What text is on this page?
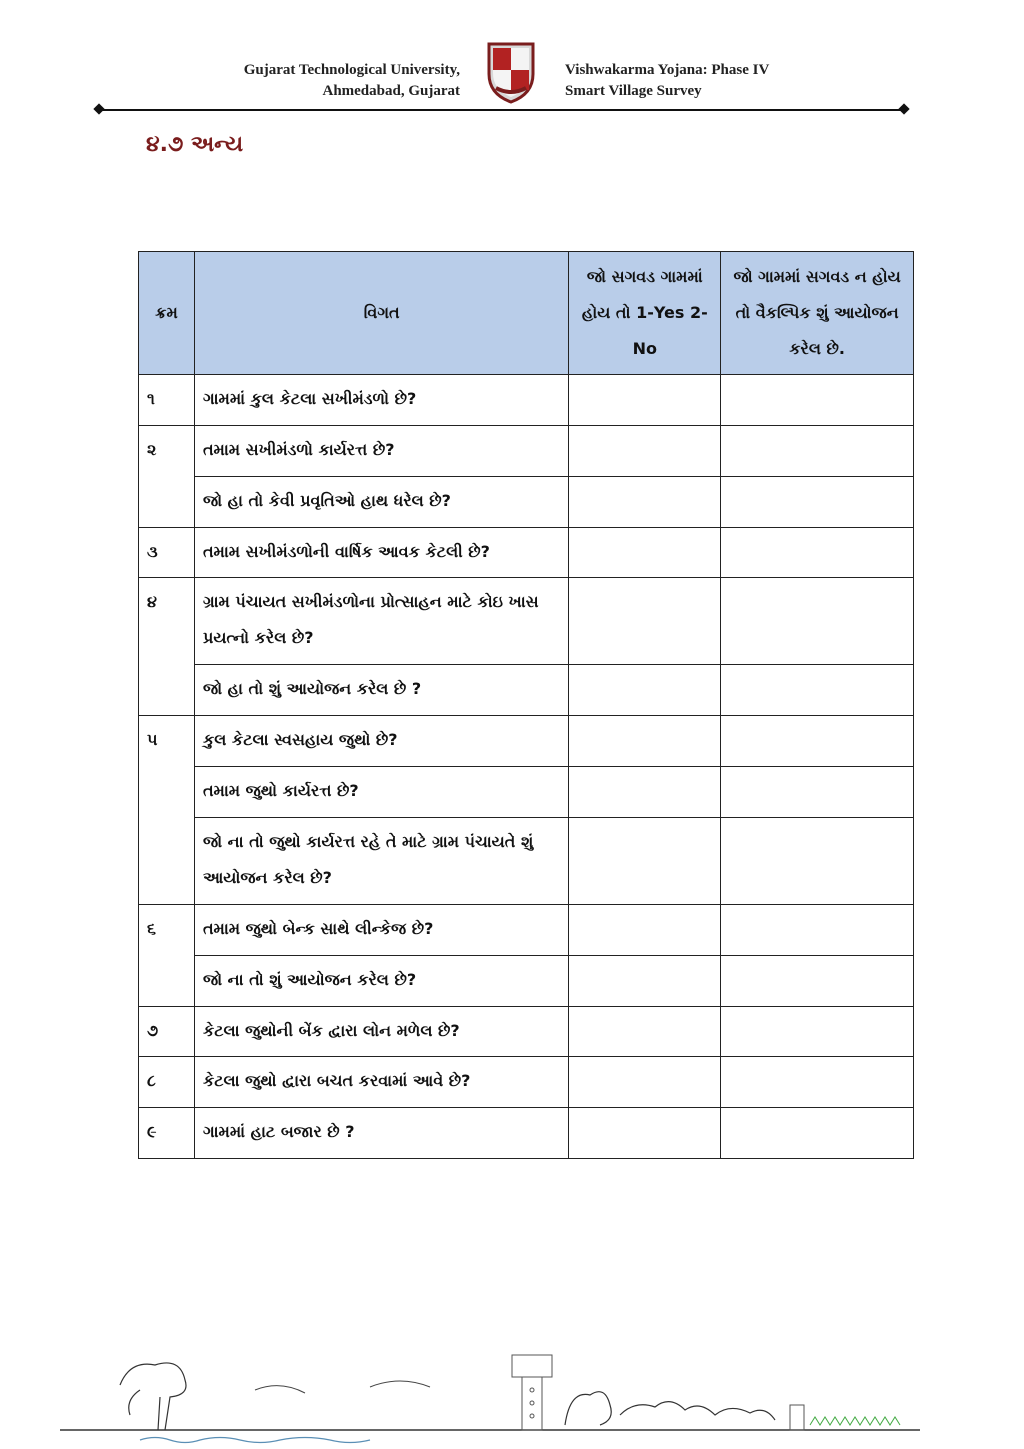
Gujarat Technological University,
Ahmedabad, Gujarat
Vishwakarma Yojana: Phase IV
Smart Village Survey
૪.૭ અન્ય
ક્રમ	વિગત	જો સગવડ ગામમાં હોય તો 1-Yes 2-No	જો ગામમાં સગવડ ન હોય તો વૈકલ્પિક શું આયોજન કરેલ છે.
૧	ગામમાં કુલ કેટલા સખીમંડળો છે?		
૨	તમામ સખીમંડળો કાર્યરત્ત છે?		
	જો હા તો કેવી પ્રવૃતિઓ હાથ ધરેલ છે?		
૩	તમામ સખીમંડળોની વાર્ષિક આવક કેટલી છે?		
૪	ગ્રામ પંચાયત સખીમંડળોના પ્રોત્સાહન માટે કોઇ ખાસ પ્રયત્નો કરેલ છે?		
	જો હા તો શું આયોજન કરેલ છે ?		
૫	કુલ કેટલા સ્વસહાય જુથો છે?		
	તમામ જુથો કાર્યરત્ત છે?		
	જો ના તો જુથો કાર્યરત્ત રહે તે માટે ગ્રામ પંચાયતે શું આયોજન કરેલ છે?		
૬	તમામ જુથો બેન્ક સાથે લીન્કેજ છે?		
	જો ના તો શું આયોજન કરેલ છે?		
૭	કેટલા જુથોની બેંક દ્વારા લોન મળેલ છે?		
૮	કેટલા જુથો દ્વારા બચત કરવામાં આવે છે?		
૯	ગામમાં હાટ બજાર છે ?		
